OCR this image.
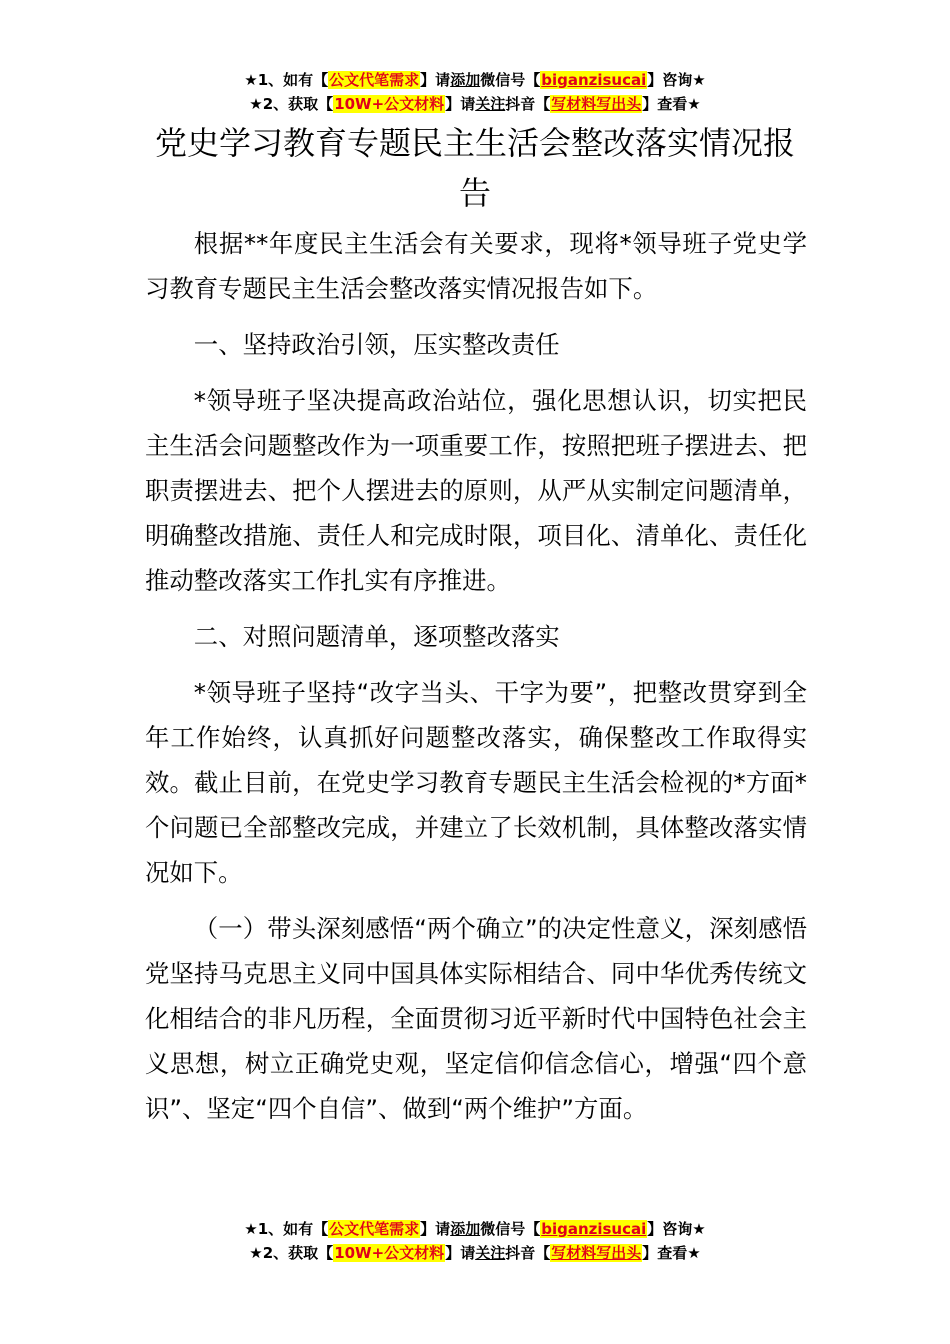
★1、如有【公文代笔需求】请添加微信号【biganzisucai】咨询★
★2、获取【10W+公文材料】请关注抖音【写材料写出头】查看★
党史学习教育专题民主生活会整改落实情况报告

根据**年度民主生活会有关要求，现将*领导班子党史学习教育专题民主生活会整改落实情况报告如下。

一、坚持政治引领，压实整改责任

*领导班子坚决提高政治站位，强化思想认识，切实把民主生活会问题整改作为一项重要工作，按照把班子摆进去、把职责摆进去、把个人摆进去的原则，从严从实制定问题清单，明确整改措施、责任人和完成时限，项目化、清单化、责任化推动整改落实工作扎实有序推进。

二、对照问题清单，逐项整改落实

*领导班子坚持“改字当头、干字为要”，把整改贯穿到全年工作始终，认真抓好问题整改落实，确保整改工作取得实效。截止目前，在党史学习教育专题民主生活会检视的*方面*个问题已全部整改完成，并建立了长效机制，具体整改落实情况如下。

（一）带头深刻感悟“两个确立”的决定性意义，深刻感悟党坚持马克思主义同中国具体实际相结合、同中华优秀传统文化相结合的非凡历程，全面贯彻习近平新时代中国特色社会主义思想，树立正确党史观，坚定信仰信念信心，增强“四个意识”、坚定“四个自信”、做到“两个维护”方面。

★1、如有【公文代笔需求】请添加微信号【biganzisucai】咨询★
★2、获取【10W+公文材料】请关注抖音【写材料写出头】查看★
